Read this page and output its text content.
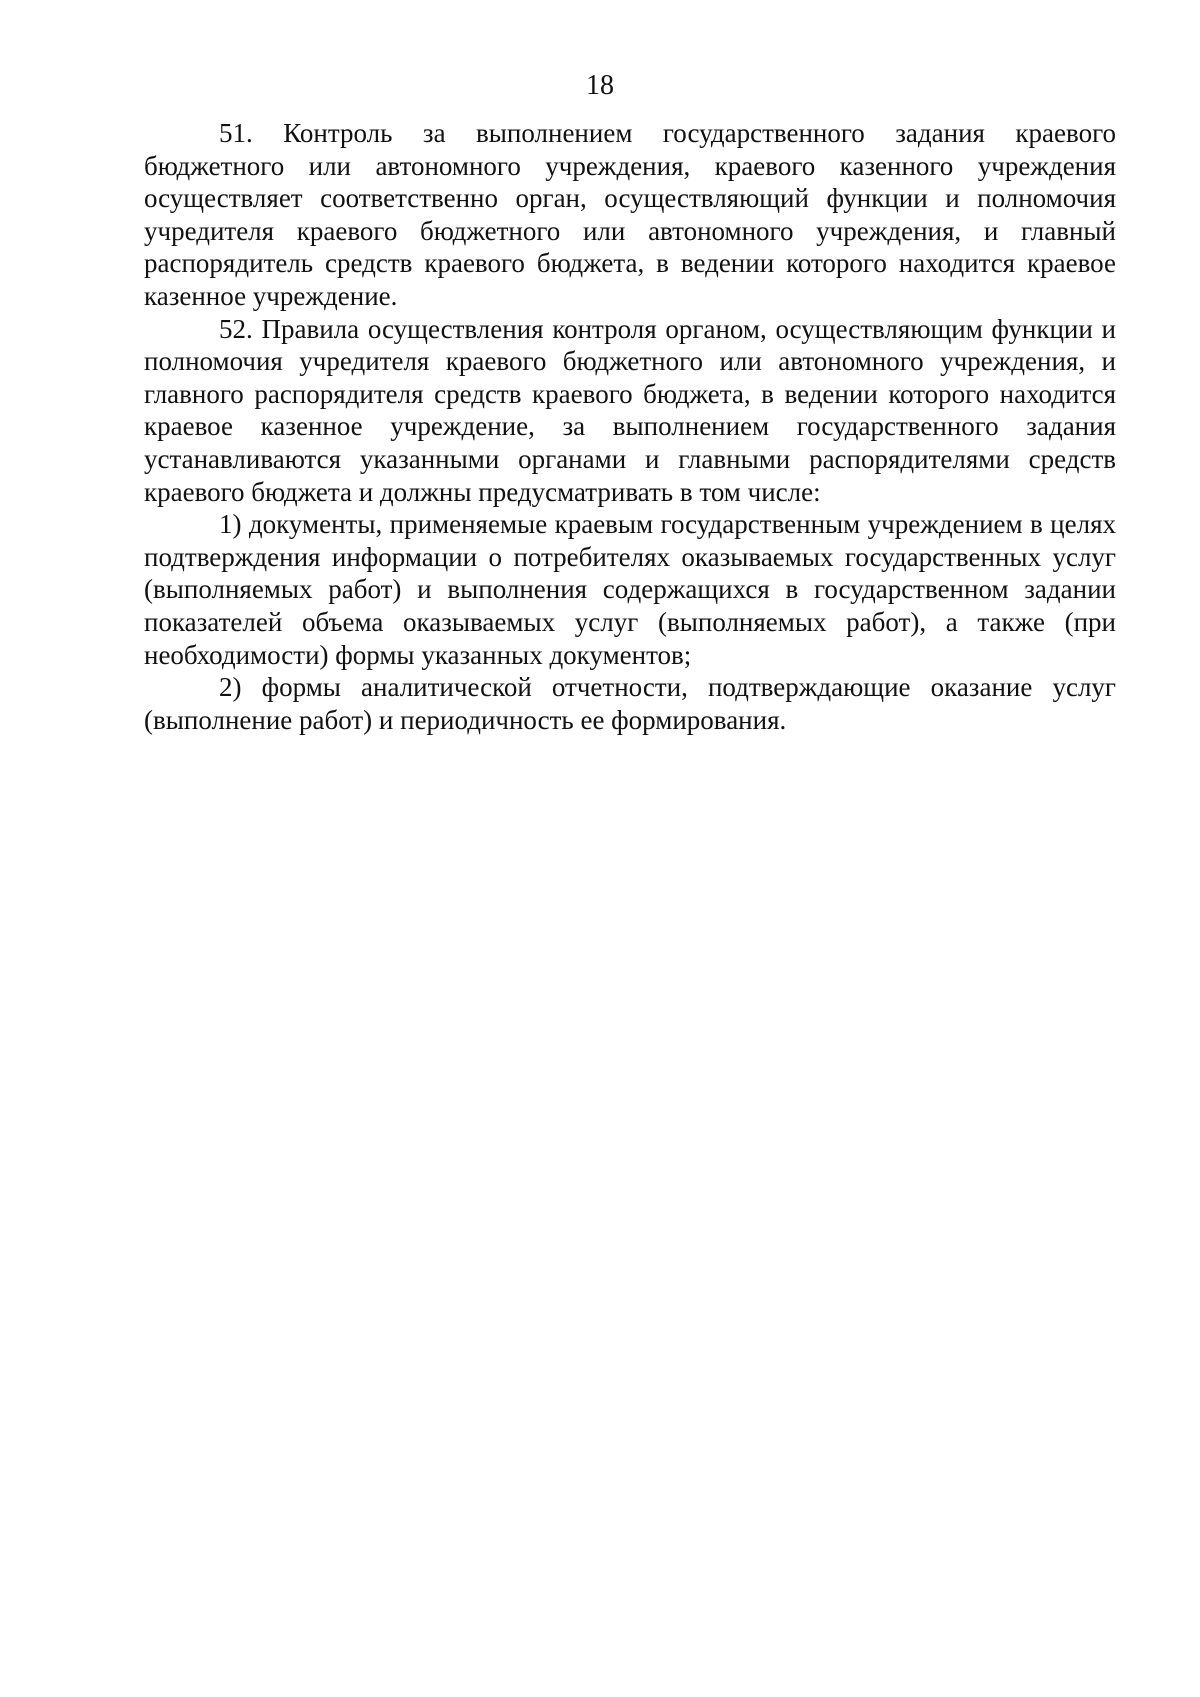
18

51. Контроль за выполнением государственного задания краевого бюджетного или автономного учреждения, краевого казенного учреждения осуществляет соответственно орган, осуществляющий функции и полномочия учредителя краевого бюджетного или автономного учреждения, и главный распорядитель средств краевого бюджета, в ведении которого находится краевое казенное учреждение.

52. Правила осуществления контроля органом, осуществляющим функции и полномочия учредителя краевого бюджетного или автономного учреждения, и главного распорядителя средств краевого бюджета, в ведении которого находится краевое казенное учреждение, за выполнением государственного задания устанавливаются указанными органами и главными распорядителями средств краевого бюджета и должны предусматривать в том числе:

1) документы, применяемые краевым государственным учреждением в целях подтверждения информации о потребителях оказываемых государственных услуг (выполняемых работ) и выполнения содержащихся в государственном задании показателей объема оказываемых услуг (выполняемых работ), а также (при необходимости) формы указанных документов;

2) формы аналитической отчетности, подтверждающие оказание услуг (выполнение работ) и периодичность ее формирования.
